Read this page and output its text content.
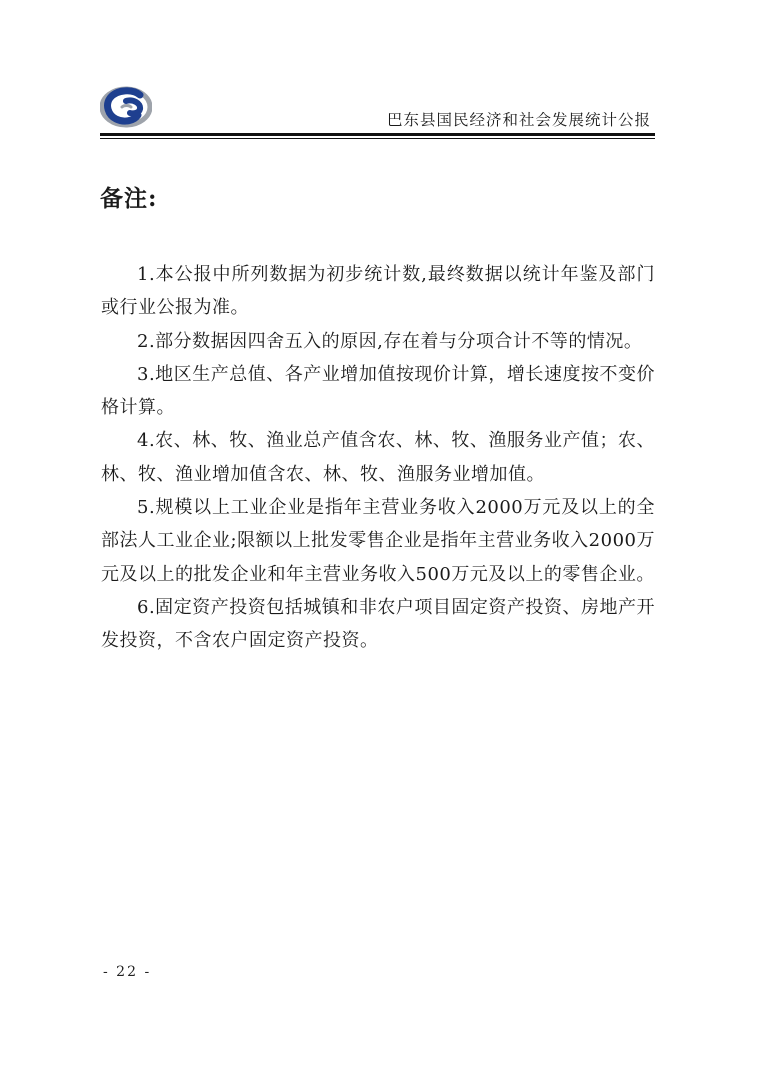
巴东县国民经济和社会发展统计公报
备注:

1.本公报中所列数据为初步统计数,最终数据以统计年鉴及部门或行业公报为准。

2.部分数据因四舍五入的原因,存在着与分项合计不等的情况。

3.地区生产总值、各产业增加值按现价计算，增长速度按不变价格计算。

4.农、林、牧、渔业总产值含农、林、牧、渔服务业产值；农、林、牧、渔业增加值含农、林、牧、渔服务业增加值。

5.规模以上工业企业是指年主营业务收入2000万元及以上的全部法人工业企业;限额以上批发零售企业是指年主营业务收入2000万元及以上的批发企业和年主营业务收入500万元及以上的零售企业。

6.固定资产投资包括城镇和非农户项目固定资产投资、房地产开发投资，不含农户固定资产投资。

- 22 -
